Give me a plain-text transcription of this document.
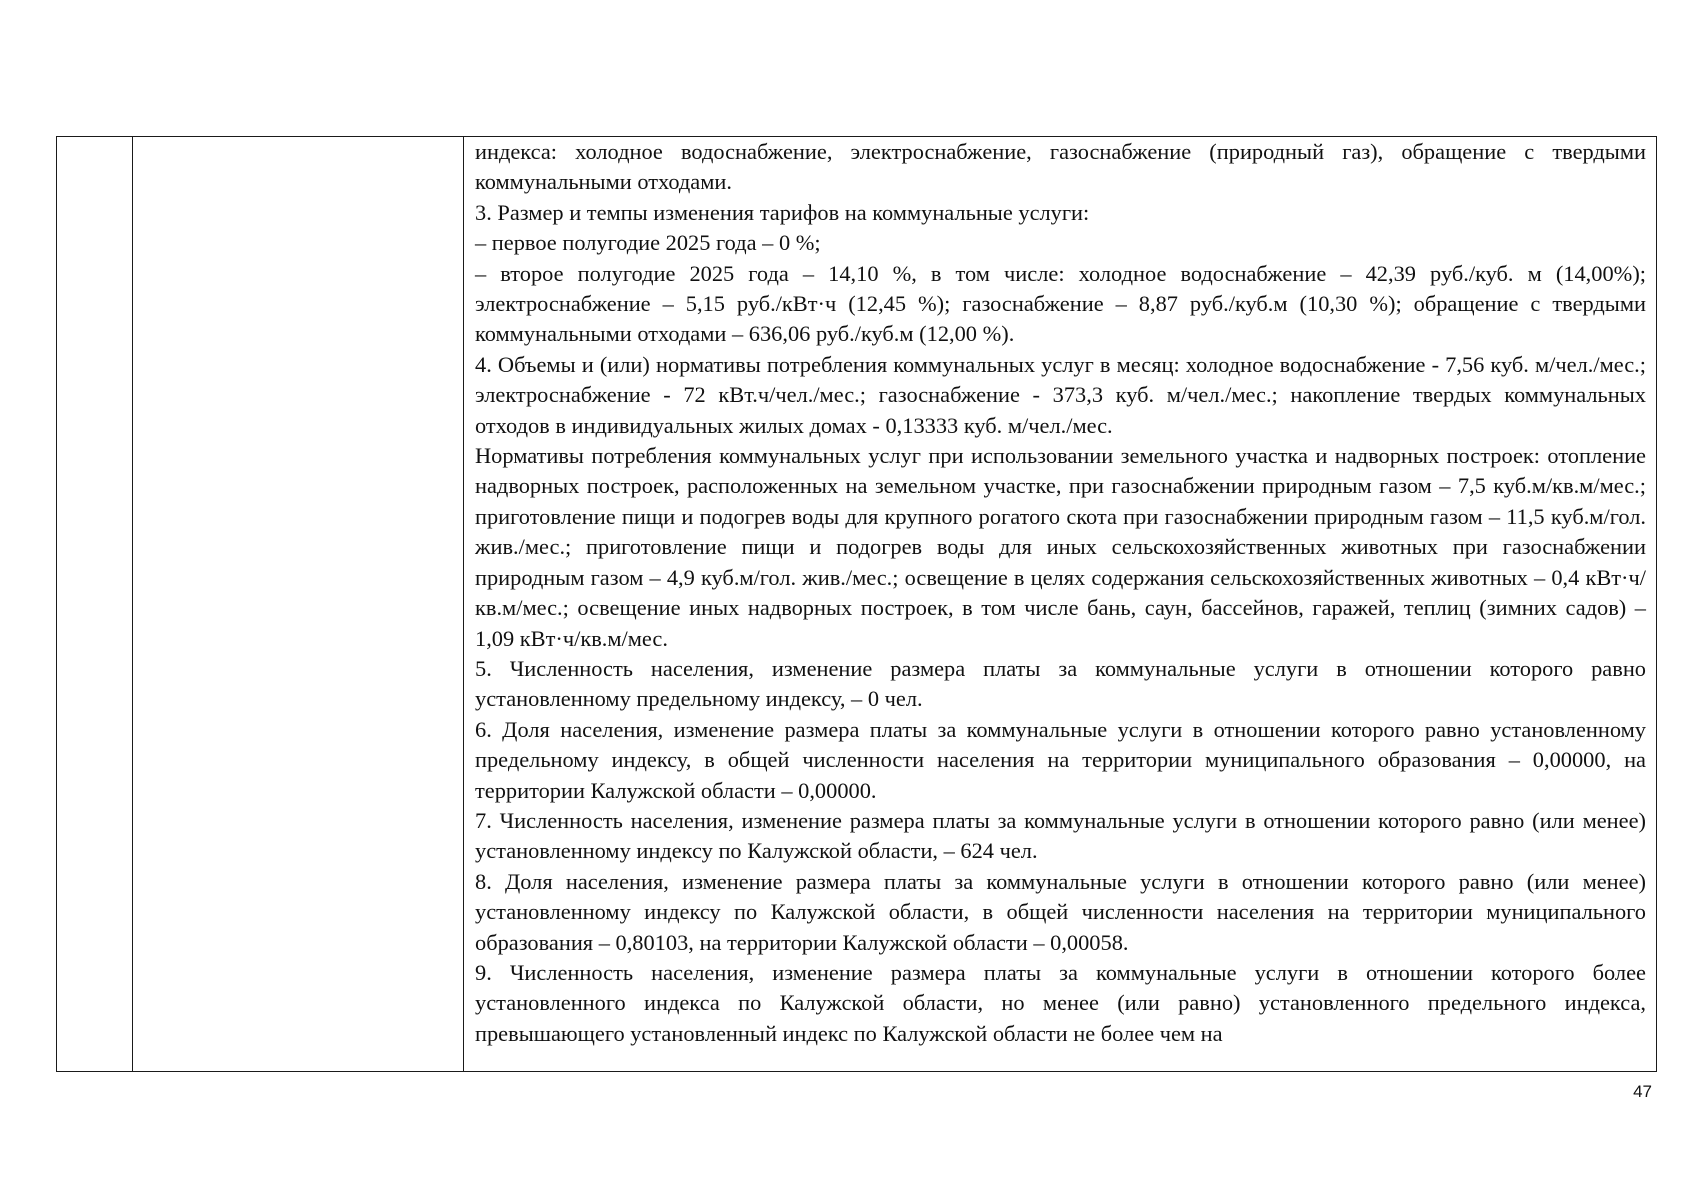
индекса: холодное водоснабжение, электроснабжение, газоснабжение (природный газ), обращение с твердыми коммунальными отходами.

3. Размер и темпы изменения тарифов на коммунальные услуги:

– первое полугодие 2025 года – 0 %;

– второе полугодие 2025 года – 14,10 %, в том числе: холодное водоснабжение – 42,39 руб./куб. м (14,00%); электроснабжение – 5,15 руб./кВт·ч (12,45 %); газоснабжение – 8,87 руб./куб.м (10,30 %); обращение с твердыми коммунальными отходами – 636,06 руб./куб.м (12,00 %).

4. Объемы и (или) нормативы потребления коммунальных услуг в месяц: холодное водоснабжение - 7,56 куб. м/чел./мес.; электроснабжение - 72 кВт.ч/чел./мес.; газоснабжение - 373,3 куб. м/чел./мес.; накопление твердых коммунальных отходов в индивидуальных жилых домах - 0,13333 куб. м/чел./мес.

Нормативы потребления коммунальных услуг при использовании земельного участка и надворных построек: отопление надворных построек, расположенных на земельном участке, при газоснабжении природным газом – 7,5 куб.м/кв.м/мес.; приготовление пищи и подогрев воды для крупного рогатого скота при газоснабжении природным газом – 11,5 куб.м/гол. жив./мес.; приготовление пищи и подогрев воды для иных сельскохозяйственных животных при газоснабжении природным газом – 4,9 куб.м/гол. жив./мес.; освещение в целях содержания сельскохозяйственных животных – 0,4 кВт·ч/кв.м/мес.; освещение иных надворных построек, в том числе бань, саун, бассейнов, гаражей, теплиц (зимних садов) – 1,09 кВт·ч/кв.м/мес.

5. Численность населения, изменение размера платы за коммунальные услуги в отношении которого равно установленному предельному индексу, – 0 чел.

6. Доля населения, изменение размера платы за коммунальные услуги в отношении которого равно установленному предельному индексу, в общей численности населения на территории муниципального образования – 0,00000, на территории Калужской области – 0,00000.

7. Численность населения, изменение размера платы за коммунальные услуги в отношении которого равно (или менее) установленному индексу по Калужской области, – 624 чел.

8. Доля населения, изменение размера платы за коммунальные услуги в отношении которого равно (или менее) установленному индексу по Калужской области, в общей численности населения на территории муниципального образования – 0,80103, на территории Калужской области – 0,00058.

9. Численность населения, изменение размера платы за коммунальные услуги в отношении которого более установленного индекса по Калужской области, но менее (или равно) установленного предельного индекса, превышающего установленный индекс по Калужской области не более чем на

47
